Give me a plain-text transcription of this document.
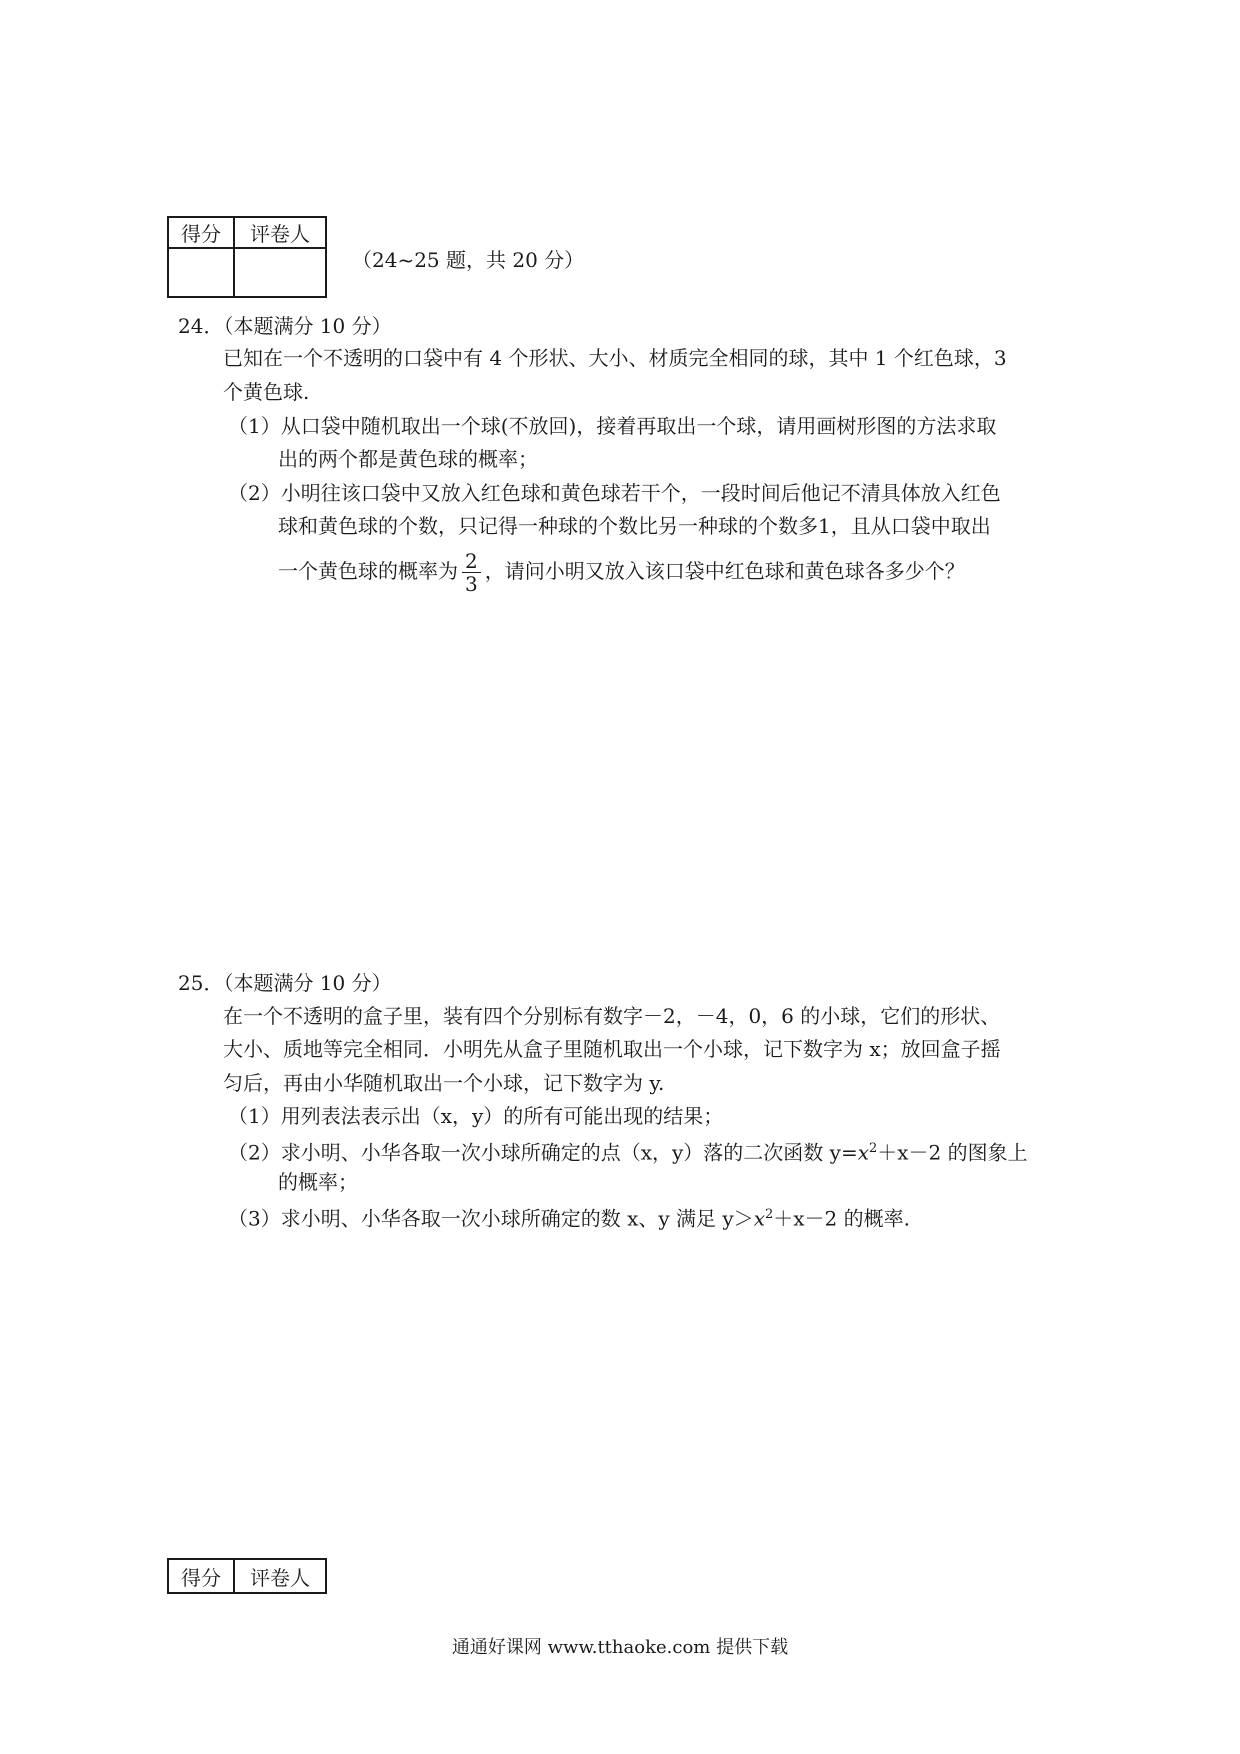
得分	评卷人

（24~25 题，共 20 分）
24．（本题满分 10 分）
已知在一个不透明的口袋中有 4 个形状、大小、材质完全相同的球，其中 1 个红色球，3
个黄色球.
（1）从口袋中随机取出一个球(不放回)，接着再取出一个球，请用画树形图的方法求取
出的两个都是黄色球的概率；
（2）小明往该口袋中又放入红色球和黄色球若干个，一段时间后他记不清具体放入红色
球和黄色球的个数，只记得一种球的个数比另一种球的个数多1，且从口袋中取出
一个黄色球的概率为 $\frac{2}{3}$ ，请问小明又放入该口袋中红色球和黄色球各多少个？
25．（本题满分 10 分）
在一个不透明的盒子里，装有四个分别标有数字－2，－4，0，6 的小球，它们的形状、
大小、质地等完全相同．小明先从盒子里随机取出一个小球，记下数字为 x；放回盒子摇
匀后，再由小华随机取出一个小球，记下数字为 y.
（1）用列表法表示出（x，y）的所有可能出现的结果；
（2）求小明、小华各取一次小球所确定的点（x，y）落的二次函数 $y=x^2+x-2$ 的图象上
的概率；
（3）求小明、小华各取一次小球所确定的数 x、y 满足 $y>x^2+x-2$ 的概率.
得分	评卷人
通通好课网 www.tthaoke.com 提供下载
